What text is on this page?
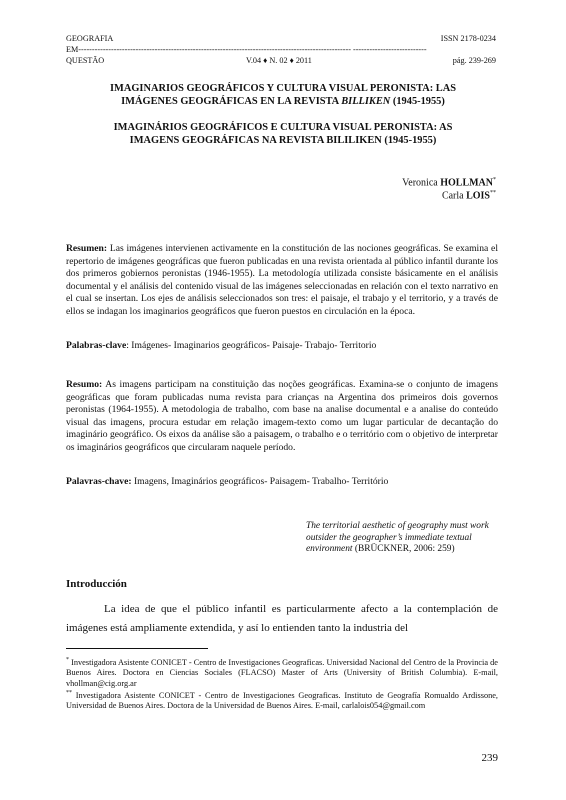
GEOGRAFIA	ISSN 2178-0234
EM---------------------------------------------------------------------------------------------------- ---------------------------
QUESTÃO	V.04 ♦ N. 02 ♦ 2011	pág. 239-269
IMAGINARIOS GEOGRÁFICOS Y CULTURA VISUAL PERONISTA: LAS
IMÁGENES GEOGRÁFICAS EN LA REVISTA BILLIKEN (1945-1955)
IMAGINÁRIOS GEOGRÁFICOS E CULTURA VISUAL PERONISTA: AS
IMAGENS GEOGRÁFICAS NA REVISTA BILILIKEN (1945-1955)
Veronica HOLLMAN*
Carla LOIS**
Resumen: Las imágenes intervienen activamente en la constitución de las nociones geográficas. Se examina el repertorio de imágenes geográficas que fueron publicadas en una revista orientada al público infantil durante los dos primeros gobiernos peronistas (1946-1955). La metodología utilizada consiste básicamente en el análisis documental y el análisis del contenido visual de las imágenes seleccionadas en relación con el texto narrativo en el cual se insertan. Los ejes de análisis seleccionados son tres: el paisaje, el trabajo y el territorio, y a través de ellos se indagan los imaginarios geográficos que fueron puestos en circulación en la época.
Palabras-clave: Imágenes- Imaginarios geográficos- Paisaje- Trabajo- Territorio
Resumo: As imagens participam na constituição das noções geográficas. Examina-se o conjunto de imagens geográficas que foram publicadas numa revista para crianças na Argentina dos primeiros dois governos peronistas (1964-1955). A metodologia de trabalho, com base na analise documental e a analise do conteúdo visual das imagens, procura estudar em relação imagem-texto como um lugar particular de decantação do imaginário geográfico. Os eixos da análise são a paisagem, o trabalho e o território com o objetivo de interpretar os imaginários geográficos que circularam naquele período.
Palavras-chave: Imagens, Imaginários geográficos- Paisagem- Trabalho- Território
The territorial aesthetic of geography must work outsider the geographer’s immediate textual environment (BRÜCKNER, 2006: 259)
Introducción
La idea de que el público infantil es particularmente afecto a la contemplación de imágenes está ampliamente extendida, y así lo entienden tanto la industria del
* Investigadora Asistente CONICET - Centro de Investigaciones Geograficas. Universidad Nacional del Centro de la Provincia de Buenos Aires. Doctora en Ciencias Sociales (FLACSO) Master of Arts (University of British Columbia). E-mail, vhollman@cig.org.ar
** Investigadora Asistente CONICET - Centro de Investigaciones Geograficas. Instituto de Geografía Romualdo Ardissone, Universidad de Buenos Aires. Doctora de la Universidad de Buenos Aires. E-mail, carlalois054@gmail.com
239
